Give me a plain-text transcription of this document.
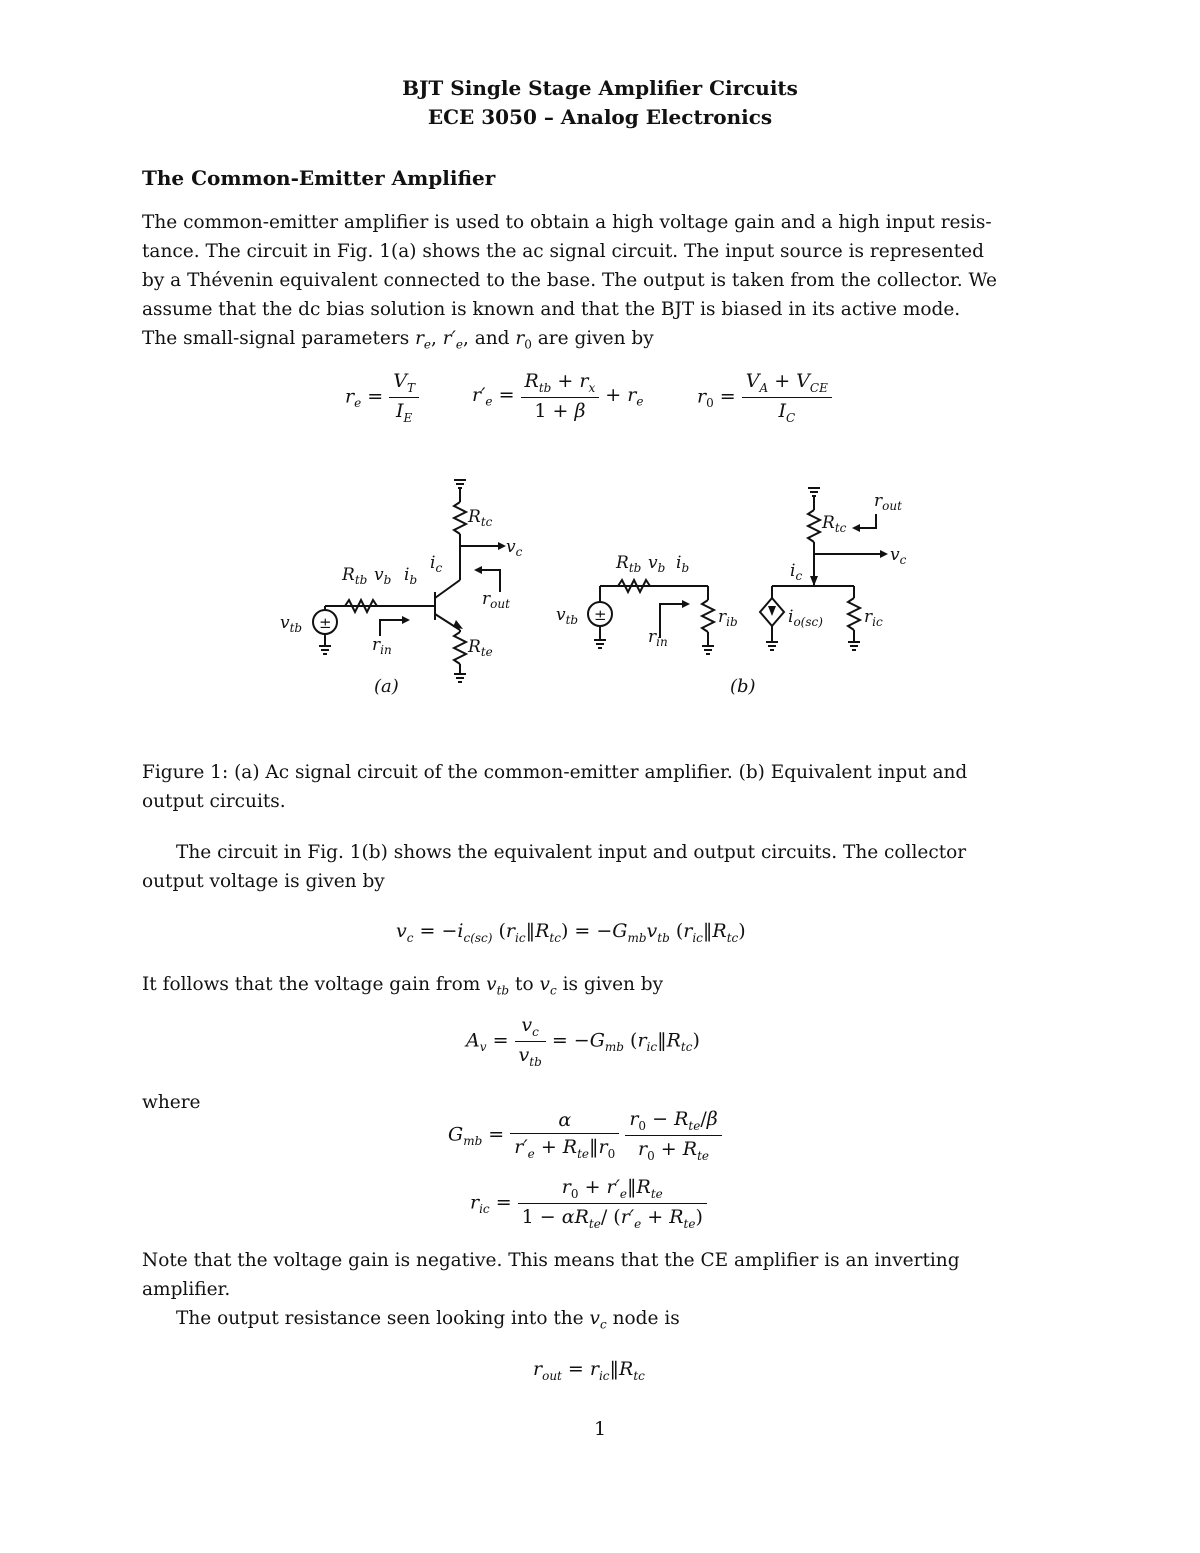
BJT Single Stage Amplifier Circuits
ECE 3050 – Analog Electronics
The Common-Emitter Amplifier
The common-emitter amplifier is used to obtain a high voltage gain and a high input resis-
tance. The circuit in Fig. 1(a) shows the ac signal circuit. The input source is represented
by a Thévenin equivalent connected to the base. The output is taken from the collector. We
assume that the dc bias solution is known and that the BJT is biased in its active mode.
The small-signal parameters $r_e$, $r'_e$, and $r_0$ are given by
$r_e = \frac{V_T}{I_E}$	$r'_e = \frac{R_{tb} + r_x}{1 + \beta} + r_e$	$r_0 = \frac{V_A + V_{CE}}{I_C}$
$R_{tc}$
$v_c$
$i_c$
$R_{tb}$ $v_b$ $i_b$
$r_{out}$
$v_{tb}$
$r_{in}$	$R_{te}$
$R_{tb}$ $v_b$ $i_b$
$r_{ib}$
$v_{tb}$
$r_{in}$
$R_{tc}$
$r_{out}$
$v_c$
$i_c$
$i_{o(sc)}$ $r_{ic}$
(a)	(b)
±	±
Figure 1: (a) Ac signal circuit of the common-emitter amplifier. (b) Equivalent input and
output circuits.
The circuit in Fig. 1(b) shows the equivalent input and output circuits. The collector
output voltage is given by
$v_c = -i_{c(sc)}$ $(r_{ic}‖R_{tc}) = -G_{mb}v_{tb}$ $(r_{ic}‖R_{tc})$
It follows that the voltage gain from $v_{tb}$ to $v_c$ is given by
$A_v = \frac{v_c}{v_{tb}} = -G_{mb}$ $(r_{ic}‖R_{tc})$
where
$G_{mb} = \frac{\alpha}{r'_e + R_{te}‖r_0}$
$\frac{r_0 - R_{te}/\beta}{r_0 + R_{te}}$
$r_{ic} = \frac{r_0 + r'_e‖R_{te}}{1 - \alpha R_{te}/ (r'_e + R_{te})}$
Note that the voltage gain is negative. This means that the CE amplifier is an inverting
amplifier.
The output resistance seen looking into the $v_c$ node is
$r_{out}$ = $r_{ic}‖R_{tc}$
1
